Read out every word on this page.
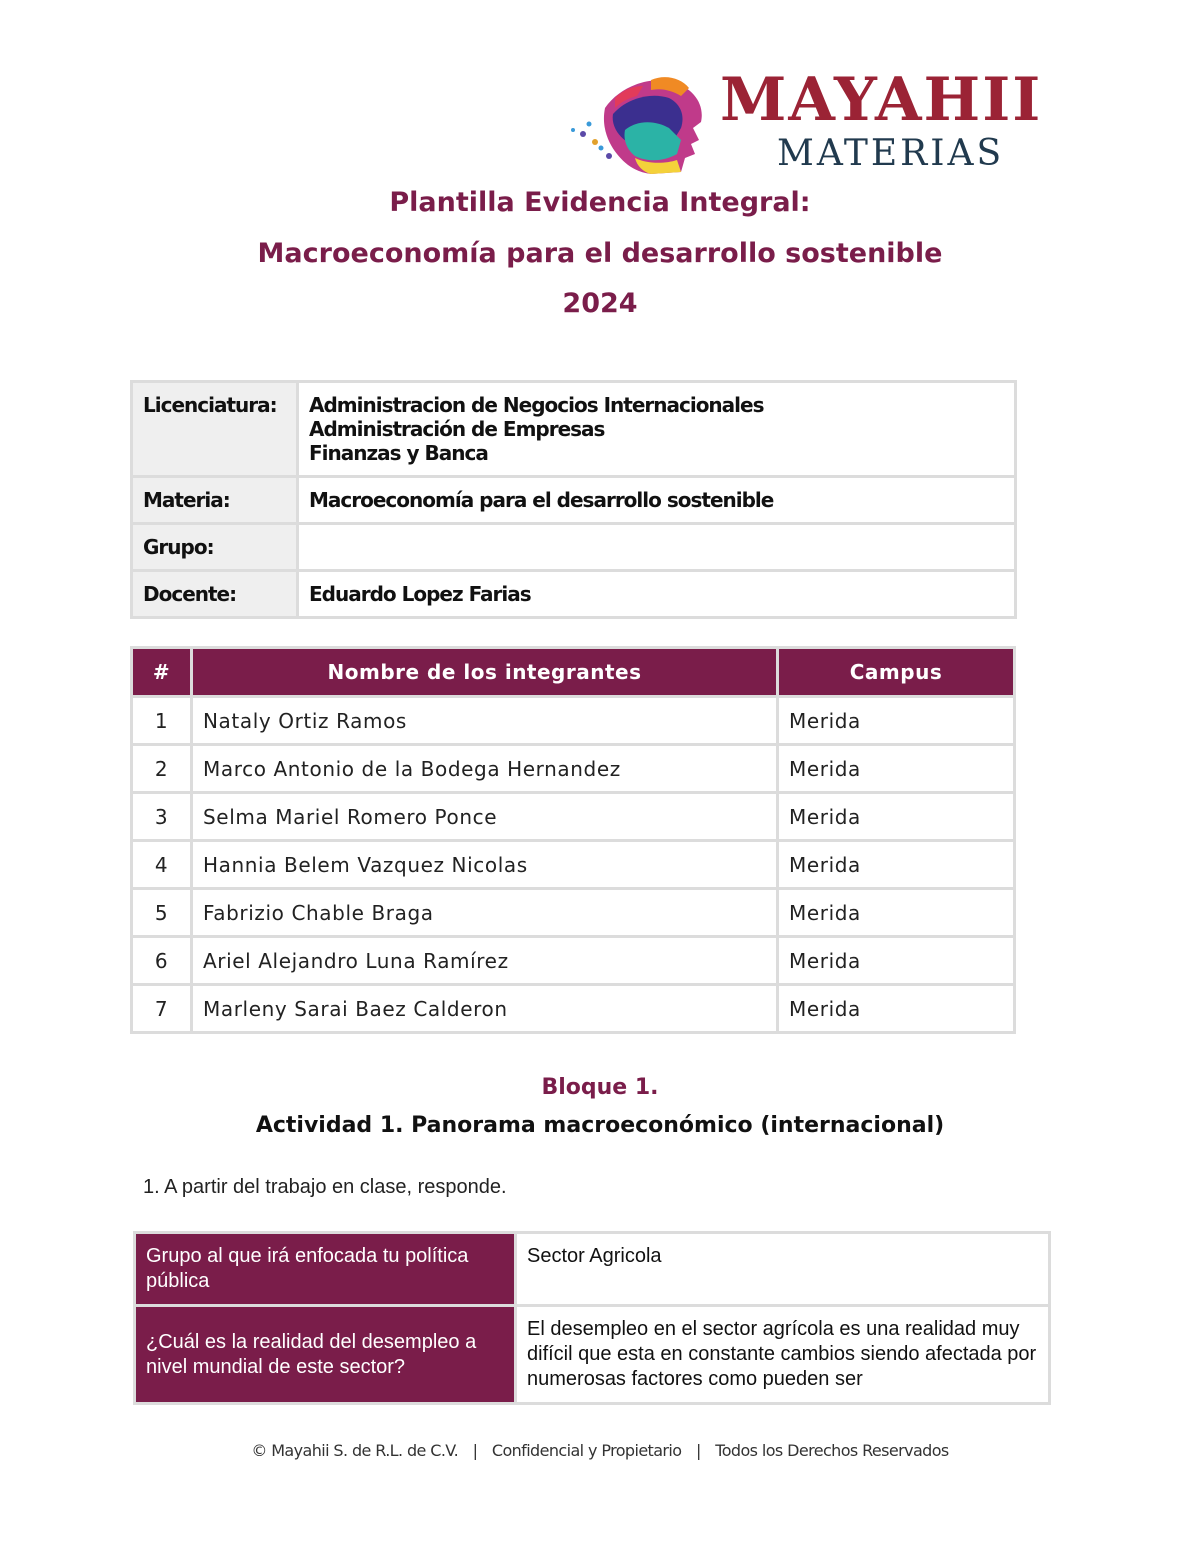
MAYAHII
MATERIAS
Plantilla Evidencia Integral:
Macroeconomía para el desarrollo sostenible
2024
Licenciatura:	Administracion de Negocios Internacionales
Administración de Empresas
Finanzas y Banca

Materia:	Macroeconomía para el desarrollo sostenible
Grupo:	
Docente:	Eduardo Lopez Farias
#	Nombre de los integrantes	Campus
1	Nataly Ortiz Ramos	Merida
2	Marco Antonio de la Bodega Hernandez	Merida
3	Selma Mariel Romero Ponce	Merida
4	Hannia Belem Vazquez Nicolas	Merida
5	Fabrizio Chable Braga	Merida
6	Ariel Alejandro Luna Ramírez	Merida
7	Marleny Sarai Baez Calderon	Merida
Bloque 1.
Actividad 1. Panorama macroeconómico (internacional)
1. A partir del trabajo en clase, responde.
Grupo al que irá enfocada tu política pública	Sector Agricola
¿Cuál es la realidad del desempleo a nivel mundial de este sector?	El desempleo en el sector agrícola es una realidad muy difícil que esta en constante cambios siendo afectada por numerosas factores como pueden ser
© Mayahii S. de R.L. de C.V. | Confidencial y Propietario | Todos los Derechos Reservados
